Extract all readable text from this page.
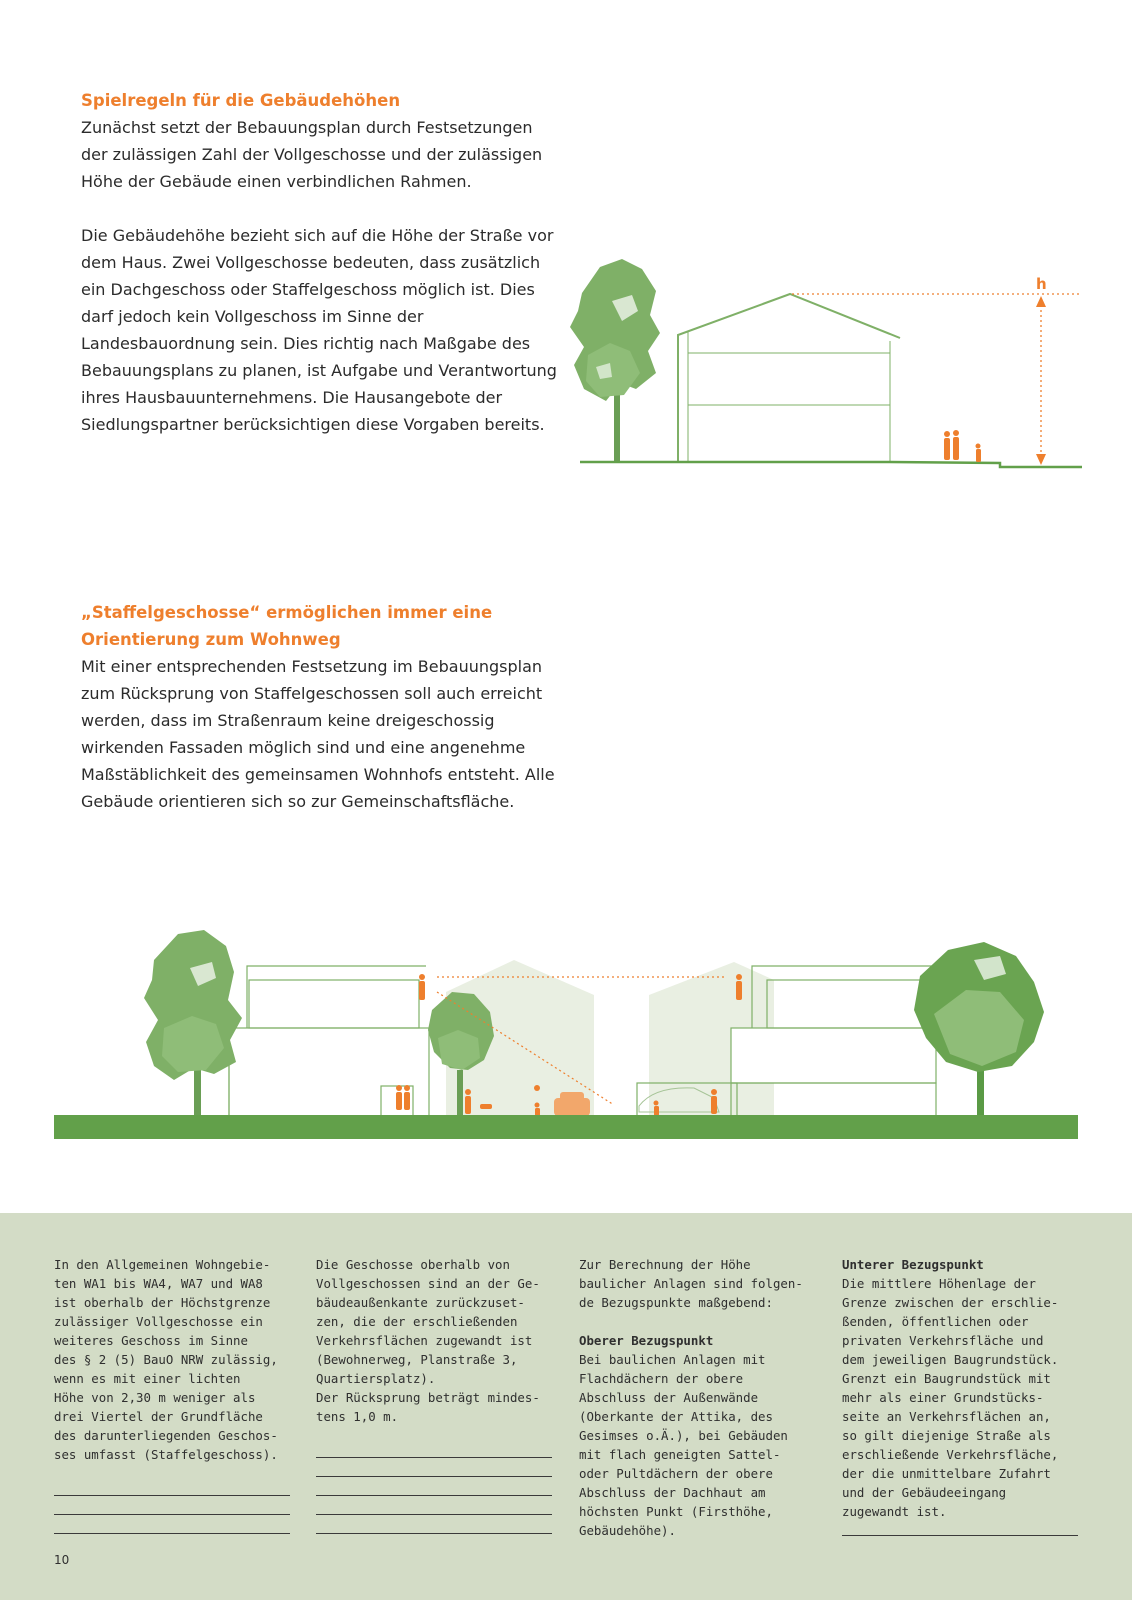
Spielregeln für die Gebäudehöhen

Zunächst setzt der Bebauungsplan durch Festsetzungen der zulässigen Zahl der Vollgeschosse und der zulässigen Höhe der Gebäude einen verbindlichen Rahmen.

Die Gebäudehöhe bezieht sich auf die Höhe der Straße vor dem Haus. Zwei Vollgeschosse bedeuten, dass zusätzlich ein Dachgeschoss oder Staffelgeschoss möglich ist. Dies darf jedoch kein Vollgeschoss im Sinne der Landesbauordnung sein. Dies richtig nach Maßgabe des Bebauungsplans zu planen, ist Aufgabe und Verantwortung ihres Hausbauunternehmens. Die Hausangebote der Siedlungspartner berücksichtigen diese Vorgaben bereits.

h
„Staffelgeschosse“ ermöglichen immer eine Orientierung zum Wohnweg

Mit einer entsprechenden Festsetzung im Bebauungsplan zum Rücksprung von Staffelgeschossen soll auch erreicht werden, dass im Straßenraum keine dreigeschossig wirkenden Fassaden möglich sind und eine angenehme Maßstäblichkeit des gemeinsamen Wohnhofs entsteht. Alle Gebäude orientieren sich so zur Gemeinschaftsfläche.

In den Allgemeinen Wohngebie-
ten WA1 bis WA4, WA7 und WA8
ist oberhalb der Höchstgrenze
zulässiger Vollgeschosse ein
weiteres Geschoss im Sinne
des § 2 (5) BauO NRW zulässig,
wenn es mit einer lichten
Höhe von 2,30 m weniger als
drei Viertel der Grundfläche
des darunterliegenden Geschos-
ses umfasst (Staffelgeschoss).

Die Geschosse oberhalb von
Vollgeschossen sind an der Ge-
bäudeaußenkante zurückzuset-
zen, die der erschließenden
Verkehrsflächen zugewandt ist
(Bewohnerweg, Planstraße 3,
Quartiersplatz).
Der Rücksprung beträgt mindes-
tens 1,0 m.

Zur Berechnung der Höhe
baulicher Anlagen sind folgen-
de Bezugspunkte maßgebend:

Oberer Bezugspunkt

Bei baulichen Anlagen mit
Flachdächern der obere
Abschluss der Außenwände
(Oberkante der Attika, des
Gesimses o.Ä.), bei Gebäuden
mit flach geneigten Sattel-
oder Pultdächern der obere
Abschluss der Dachhaut am
höchsten Punkt (Firsthöhe,
Gebäudehöhe).

Unterer Bezugspunkt

Die mittlere Höhenlage der
Grenze zwischen der erschlie-
ßenden, öffentlichen oder
privaten Verkehrsfläche und
dem jeweiligen Baugrundstück.
Grenzt ein Baugrundstück mit
mehr als einer Grundstücks-
seite an Verkehrsflächen an,
so gilt diejenige Straße als
erschließende Verkehrsfläche,
der die unmittelbare Zufahrt
und der Gebäudeeingang
zugewandt ist.

10
